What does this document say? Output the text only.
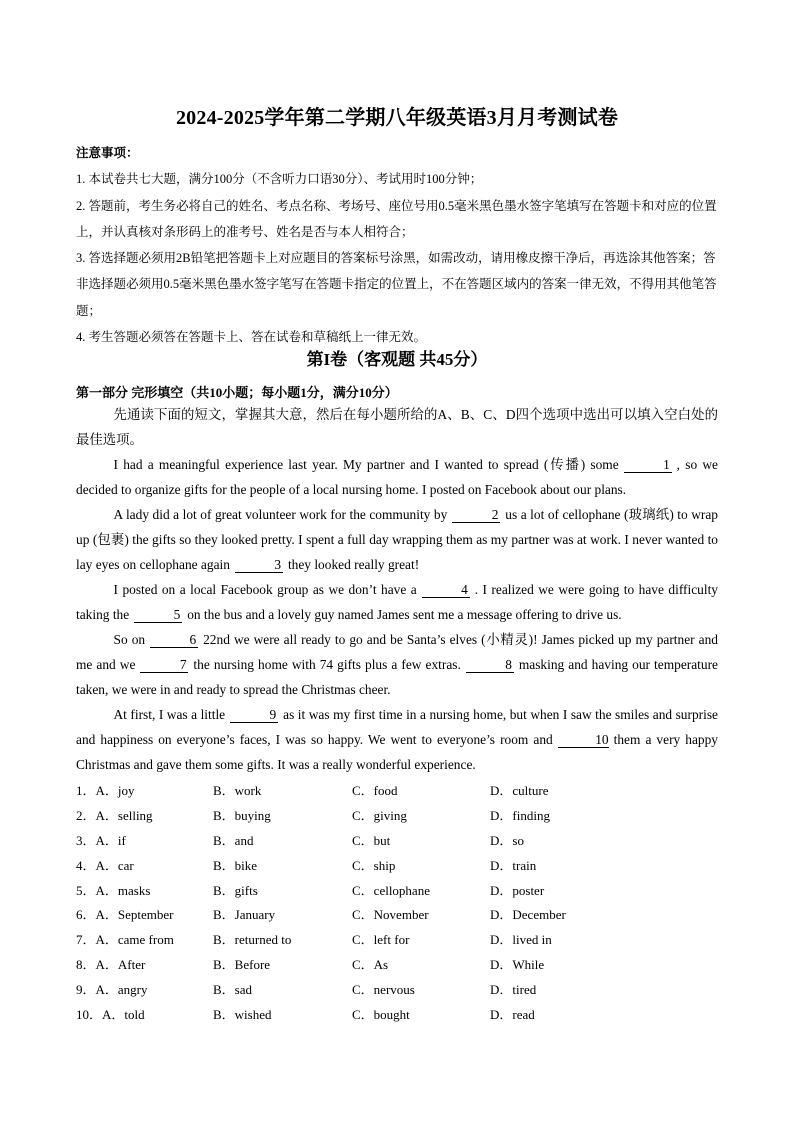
2024-2025学年第二学期八年级英语3月月考测试卷
注意事项：
1. 本试卷共七大题，满分100分（不含听力口语30分）、考试用时100分钟；
2. 答题前，考生务必将自己的姓名、考点名称、考场号、座位号用0.5毫米黑色墨水签字笔填写在答题卡和对应的位置上，并认真核对条形码上的准考号、姓名是否与本人相符合；
3. 答选择题必须用2B铅笔把答题卡上对应题目的答案标号涂黑，如需改动，请用橡皮擦干净后，再选涂其他答案；答非选择题必须用0.5毫米黑色墨水签字笔写在答题卡指定的位置上，不在答题区域内的答案一律无效，不得用其他笔答题；
4. 考生答题必须答在答题卡上、答在试卷和草稿纸上一律无效。
第I卷（客观题 共45分）
第一部分 完形填空（共10小题；每小题1分，满分10分）

先通读下面的短文，掌握其大意，然后在每小题所给的A、B、C、D四个选项中选出可以填入空白处的最佳选项。

I had a meaningful experience last year. My partner and I wanted to spread (传播) some	1 , so we decided to organize gifts for the people of a local nursing home. I posted on Facebook about our plans.

A lady did a lot of great volunteer work for the community by	2 us a lot of cellophane (玻璃纸) to wrap up (包裹) the gifts so they looked pretty. I spent a full day wrapping them as my partner was at work. I never wanted to lay eyes on cellophane again	3 they looked really great!

I posted on a local Facebook group as we don’t have a	4 . I realized we were going to have difficulty taking the	5 on the bus and a lovely guy named James sent me a message offering to drive us.

So on	6 22nd we were all ready to go and be Santa’s elves (小精灵)! James picked up my partner and me and we	7 the nursing home with 74 gifts plus a few extras.	8 masking and having our temperature taken, we were in and ready to spread the Christmas cheer.

At first, I was a little	9 as it was my first time in a nursing home, but when I saw the smiles and surprise and happiness on everyone’s faces, I was so happy. We went to everyone’s room and	10 them a very happy Christmas and gave them some gifts. It was a really wonderful experience.

1．A．joy	B．work	C．food	D．culture
2．A．selling	B．buying	C．giving	D．finding
3．A．if	B．and	C．but	D．so
4．A．car	B．bike	C．ship	D．train
5．A．masks	B．gifts	C．cellophane	D．poster
6．A．September	B．January	C．November	D．December
7．A．came from	B．returned to	C．left for	D．lived in
8．A．After	B．Before	C．As	D．While
9．A．angry	B．sad	C．nervous	D．tired
10．A．told	B．wished	C．bought	D．read
